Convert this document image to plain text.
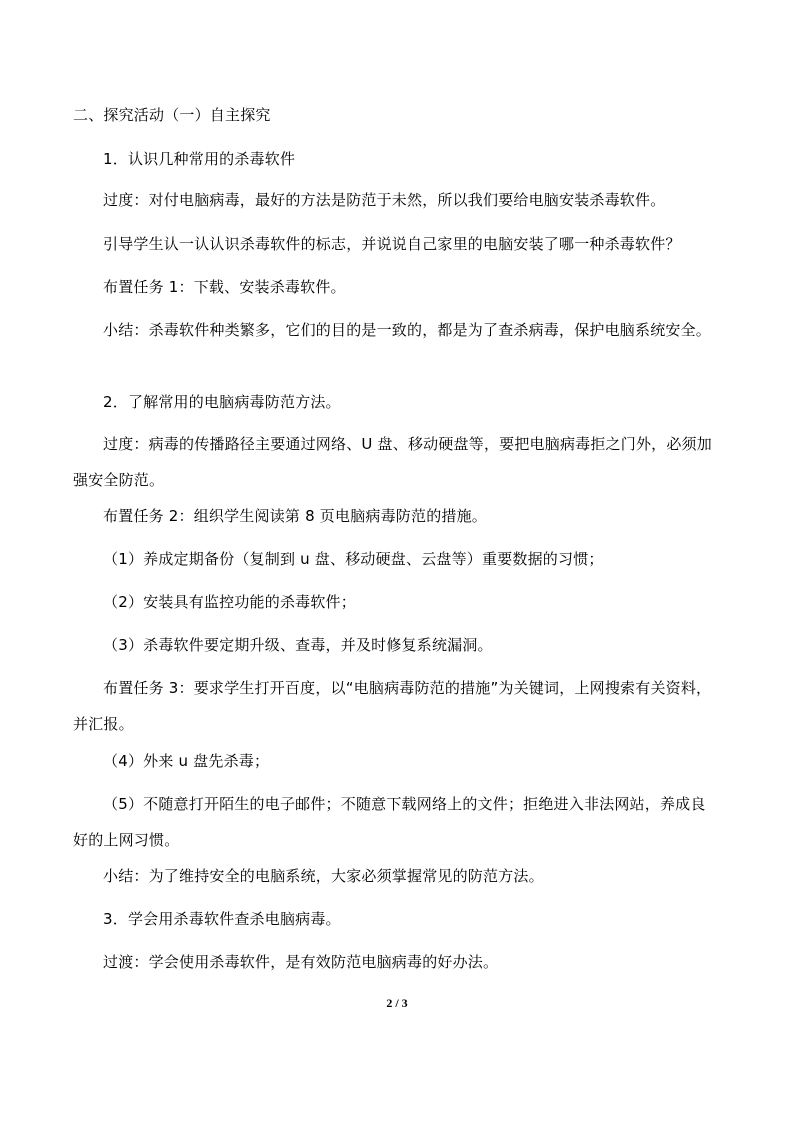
二、探究活动（一）自主探究

1．认识几种常用的杀毒软件

过度：对付电脑病毒，最好的方法是防范于未然，所以我们要给电脑安装杀毒软件。

引导学生认一认认识杀毒软件的标志，并说说自己家里的电脑安装了哪一种杀毒软件？

布置任务 1：下载、安装杀毒软件。

小结：杀毒软件种类繁多，它们的目的是一致的，都是为了查杀病毒，保护电脑系统安全。

2．了解常用的电脑病毒防范方法。

过度：病毒的传播路径主要通过网络、U 盘、移动硬盘等，要把电脑病毒拒之门外，必须加强安全防范。

布置任务 2：组织学生阅读第 8 页电脑病毒防范的措施。

（1）养成定期备份（复制到 u 盘、移动硬盘、云盘等）重要数据的习惯；

（2）安装具有监控功能的杀毒软件；

（3）杀毒软件要定期升级、查毒，并及时修复系统漏洞。

布置任务 3：要求学生打开百度，以“电脑病毒防范的措施”为关键词，上网搜索有关资料，并汇报。

（4）外来 u 盘先杀毒；

（5）不随意打开陌生的电子邮件；不随意下载网络上的文件；拒绝进入非法网站，养成良好的上网习惯。

小结：为了维持安全的电脑系统，大家必须掌握常见的防范方法。

3．学会用杀毒软件查杀电脑病毒。

过渡：学会使用杀毒软件，是有效防范电脑病毒的好办法。

2 / 3
